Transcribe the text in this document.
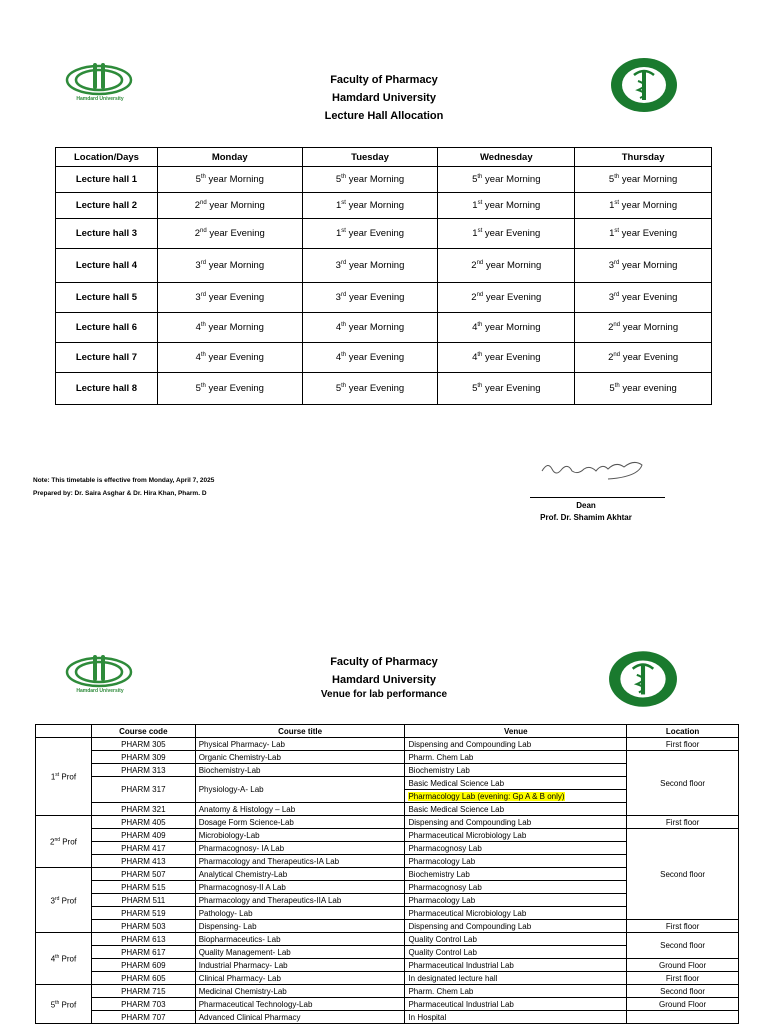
Hamdard University
Faculty of Pharmacy
Hamdard University
Lecture Hall Allocation
Location/Days	Monday	Tuesday	Wednesday	Thursday
Lecture hall 1	5th year Morning	5th year Morning	5th year Morning	5th year Morning
Lecture hall 2	2nd year Morning	1st year Morning	1st year Morning	1st year Morning
Lecture hall 3	2nd year Evening	1st year Evening	1st year Evening	1st year Evening
Lecture hall 4	3rd year Morning	3rd year Morning	2nd year Morning	3rd year Morning
Lecture hall 5	3rd year Evening	3rd year Evening	2nd year Evening	3rd year Evening
Lecture hall 6	4th year Morning	4th year Morning	4th year Morning	2nd year Morning
Lecture hall 7	4th year Evening	4th year Evening	4th year Evening	2nd year Evening
Lecture hall 8	5th year Evening	5th year Evening	5th year Evening	5th year evening
Note: This timetable is effective from Monday, April 7, 2025
Prepared by: Dr. Saira Asghar & Dr. Hira Khan, Pharm. D
Dean
Prof. Dr. Shamim Akhtar
Hamdard University
Faculty of Pharmacy
Hamdard University
Venue for lab performance
	Course code	Course title	Venue	Location
1st Prof	PHARM 305	Physical Pharmacy- Lab	Dispensing and Compounding Lab	First floor
	PHARM 309	Organic Chemistry-Lab	Pharm. Chem Lab	Second floor
	PHARM 313	Biochemistry-Lab	Biochemistry Lab	
	PHARM 317	Physiology-A- Lab	Basic Medical Science Lab	
			Pharmacology Lab (evening: Gp A & B only)	
	PHARM 321	Anatomy & Histology – Lab	Basic Medical Science Lab	
2nd Prof	PHARM 405	Dosage Form Science-Lab	Dispensing and Compounding Lab	First floor
	PHARM 409	Microbiology-Lab	Pharmaceutical Microbiology Lab	Second floor
	PHARM 417	Pharmacognosy- IA Lab	Pharmacognosy Lab	
	PHARM 413	Pharmacology and Therapeutics-IA Lab	Pharmacology Lab	
3rd Prof	PHARM 507	Analytical Chemistry-Lab	Biochemistry Lab	
	PHARM 515	Pharmacognosy-II A Lab	Pharmacognosy Lab	
	PHARM 511	Pharmacology and Therapeutics-IIA Lab	Pharmacology Lab	
	PHARM 519	Pathology- Lab	Pharmaceutical Microbiology Lab	
	PHARM 503	Dispensing- Lab	Dispensing and Compounding Lab	First floor
4th Prof	PHARM 613	Biopharmaceutics- Lab	Quality Control Lab	Second floor
	PHARM 617	Quality Management- Lab	Quality Control Lab	
	PHARM 609	Industrial Pharmacy- Lab	Pharmaceutical Industrial Lab	Ground Floor
	PHARM 605	Clinical Pharmacy- Lab	In designated lecture hall	First floor
5th Prof	PHARM 715	Medicinal Chemistry-Lab	Pharm. Chem Lab	Second floor
	PHARM 703	Pharmaceutical Technology-Lab	Pharmaceutical Industrial Lab	Ground Floor
	PHARM 707	Advanced Clinical Pharmacy	In Hospital	
